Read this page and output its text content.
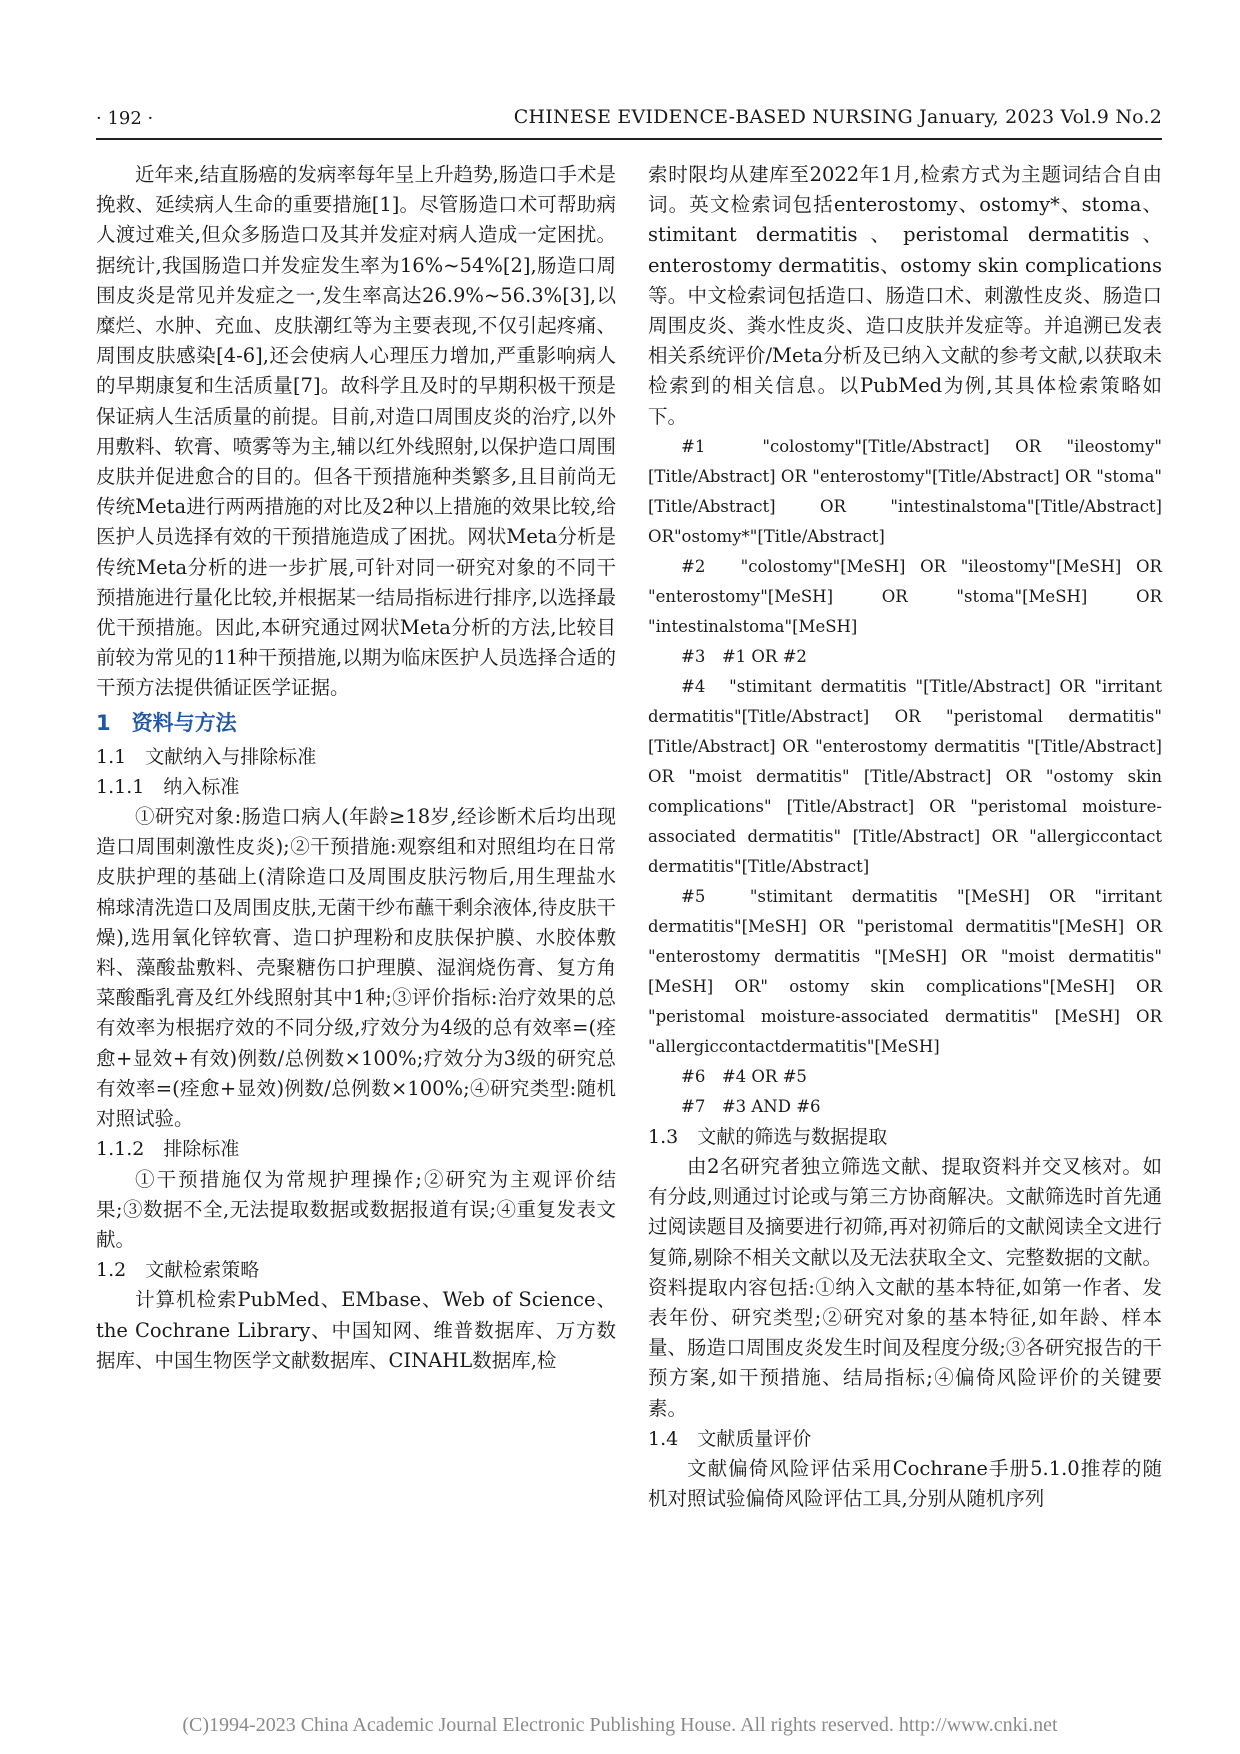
· 192 ·	CHINESE EVIDENCE-BASED NURSING January, 2023 Vol.9 No.2

近年来,结直肠癌的发病率每年呈上升趋势,肠造口手术是挽救、延续病人生命的重要措施[1]。尽管肠造口术可帮助病人渡过难关,但众多肠造口及其并发症对病人造成一定困扰。据统计,我国肠造口并发症发生率为16%~54%[2],肠造口周围皮炎是常见并发症之一,发生率高达26.9%~56.3%[3],以糜烂、水肿、充血、皮肤潮红等为主要表现,不仅引起疼痛、周围皮肤感染[4-6],还会使病人心理压力增加,严重影响病人的早期康复和生活质量[7]。故科学且及时的早期积极干预是保证病人生活质量的前提。目前,对造口周围皮炎的治疗,以外用敷料、软膏、喷雾等为主,辅以红外线照射,以保护造口周围皮肤并促进愈合的目的。但各干预措施种类繁多,且目前尚无传统Meta进行两两措施的对比及2种以上措施的效果比较,给医护人员选择有效的干预措施造成了困扰。网状Meta分析是传统Meta分析的进一步扩展,可针对同一研究对象的不同干预措施进行量化比较,并根据某一结局指标进行排序,以选择最优干预措施。因此,本研究通过网状Meta分析的方法,比较目前较为常见的11种干预措施,以期为临床医护人员选择合适的干预方法提供循证医学证据。

1　资料与方法
1.1　文献纳入与排除标准
1.1.1　纳入标准

①研究对象:肠造口病人(年龄≥18岁,经诊断术后均出现造口周围刺激性皮炎);②干预措施:观察组和对照组均在日常皮肤护理的基础上(清除造口及周围皮肤污物后,用生理盐水棉球清洗造口及周围皮肤,无菌干纱布蘸干剩余液体,待皮肤干燥),选用氧化锌软膏、造口护理粉和皮肤保护膜、水胶体敷料、藻酸盐敷料、壳聚糖伤口护理膜、湿润烧伤膏、复方角菜酸酯乳膏及红外线照射其中1种;③评价指标:治疗效果的总有效率为根据疗效的不同分级,疗效分为4级的总有效率=(痊愈+显效+有效)例数/总例数×100%;疗效分为3级的研究总有效率=(痊愈+显效)例数/总例数×100%;④研究类型:随机对照试验。

1.1.2　排除标准

①干预措施仅为常规护理操作;②研究为主观评价结果;③数据不全,无法提取数据或数据报道有误;④重复发表文献。

1.2　文献检索策略

计算机检索PubMed、EMbase、Web of Science、the Cochrane Library、中国知网、维普数据库、万方数据库、中国生物医学文献数据库、CINAHL数据库,检

索时限均从建库至2022年1月,检索方式为主题词结合自由词。英文检索词包括enterostomy、ostomy*、stoma、stimitant dermatitis、peristomal dermatitis、enterostomy dermatitis、ostomy skin complications等。中文检索词包括造口、肠造口术、刺激性皮炎、肠造口周围皮炎、粪水性皮炎、造口皮肤并发症等。并追溯已发表相关系统评价/Meta分析及已纳入文献的参考文献,以获取未检索到的相关信息。以PubMed为例,其具体检索策略如下。

#1　"colostomy"[Title/Abstract] OR "ileostomy"[Title/Abstract] OR "enterostomy"[Title/Abstract] OR "stoma"[Title/Abstract] OR "intestinalstoma"[Title/Abstract] OR"ostomy*"[Title/Abstract]

#2　"colostomy"[MeSH] OR "ileostomy"[MeSH] OR "enterostomy"[MeSH] OR "stoma"[MeSH] OR "intestinalstoma"[MeSH]

#3　#1 OR #2

#4　"stimitant dermatitis "[Title/Abstract] OR "irritant dermatitis"[Title/Abstract] OR "peristomal dermatitis"[Title/Abstract] OR "enterostomy dermatitis "[Title/Abstract] OR "moist dermatitis" [Title/Abstract] OR "ostomy skin complications" [Title/Abstract] OR "peristomal moisture-associated dermatitis" [Title/Abstract] OR "allergiccontact dermatitis"[Title/Abstract]

#5　"stimitant dermatitis "[MeSH] OR "irritant dermatitis"[MeSH] OR "peristomal dermatitis"[MeSH] OR "enterostomy dermatitis "[MeSH] OR "moist dermatitis" [MeSH] OR" ostomy skin complications"[MeSH] OR "peristomal moisture-associated dermatitis" [MeSH] OR "allergiccontactdermatitis"[MeSH]

#6　#4 OR #5

#7　#3 AND #6

1.3　文献的筛选与数据提取

由2名研究者独立筛选文献、提取资料并交叉核对。如有分歧,则通过讨论或与第三方协商解决。文献筛选时首先通过阅读题目及摘要进行初筛,再对初筛后的文献阅读全文进行复筛,剔除不相关文献以及无法获取全文、完整数据的文献。资料提取内容包括:①纳入文献的基本特征,如第一作者、发表年份、研究类型;②研究对象的基本特征,如年龄、样本量、肠造口周围皮炎发生时间及程度分级;③各研究报告的干预方案,如干预措施、结局指标;④偏倚风险评价的关键要素。

1.4　文献质量评价

文献偏倚风险评估采用Cochrane手册5.1.0推荐的随机对照试验偏倚风险评估工具,分别从随机序列

(C)1994-2023 China Academic Journal Electronic Publishing House. All rights reserved. http://www.cnki.net
